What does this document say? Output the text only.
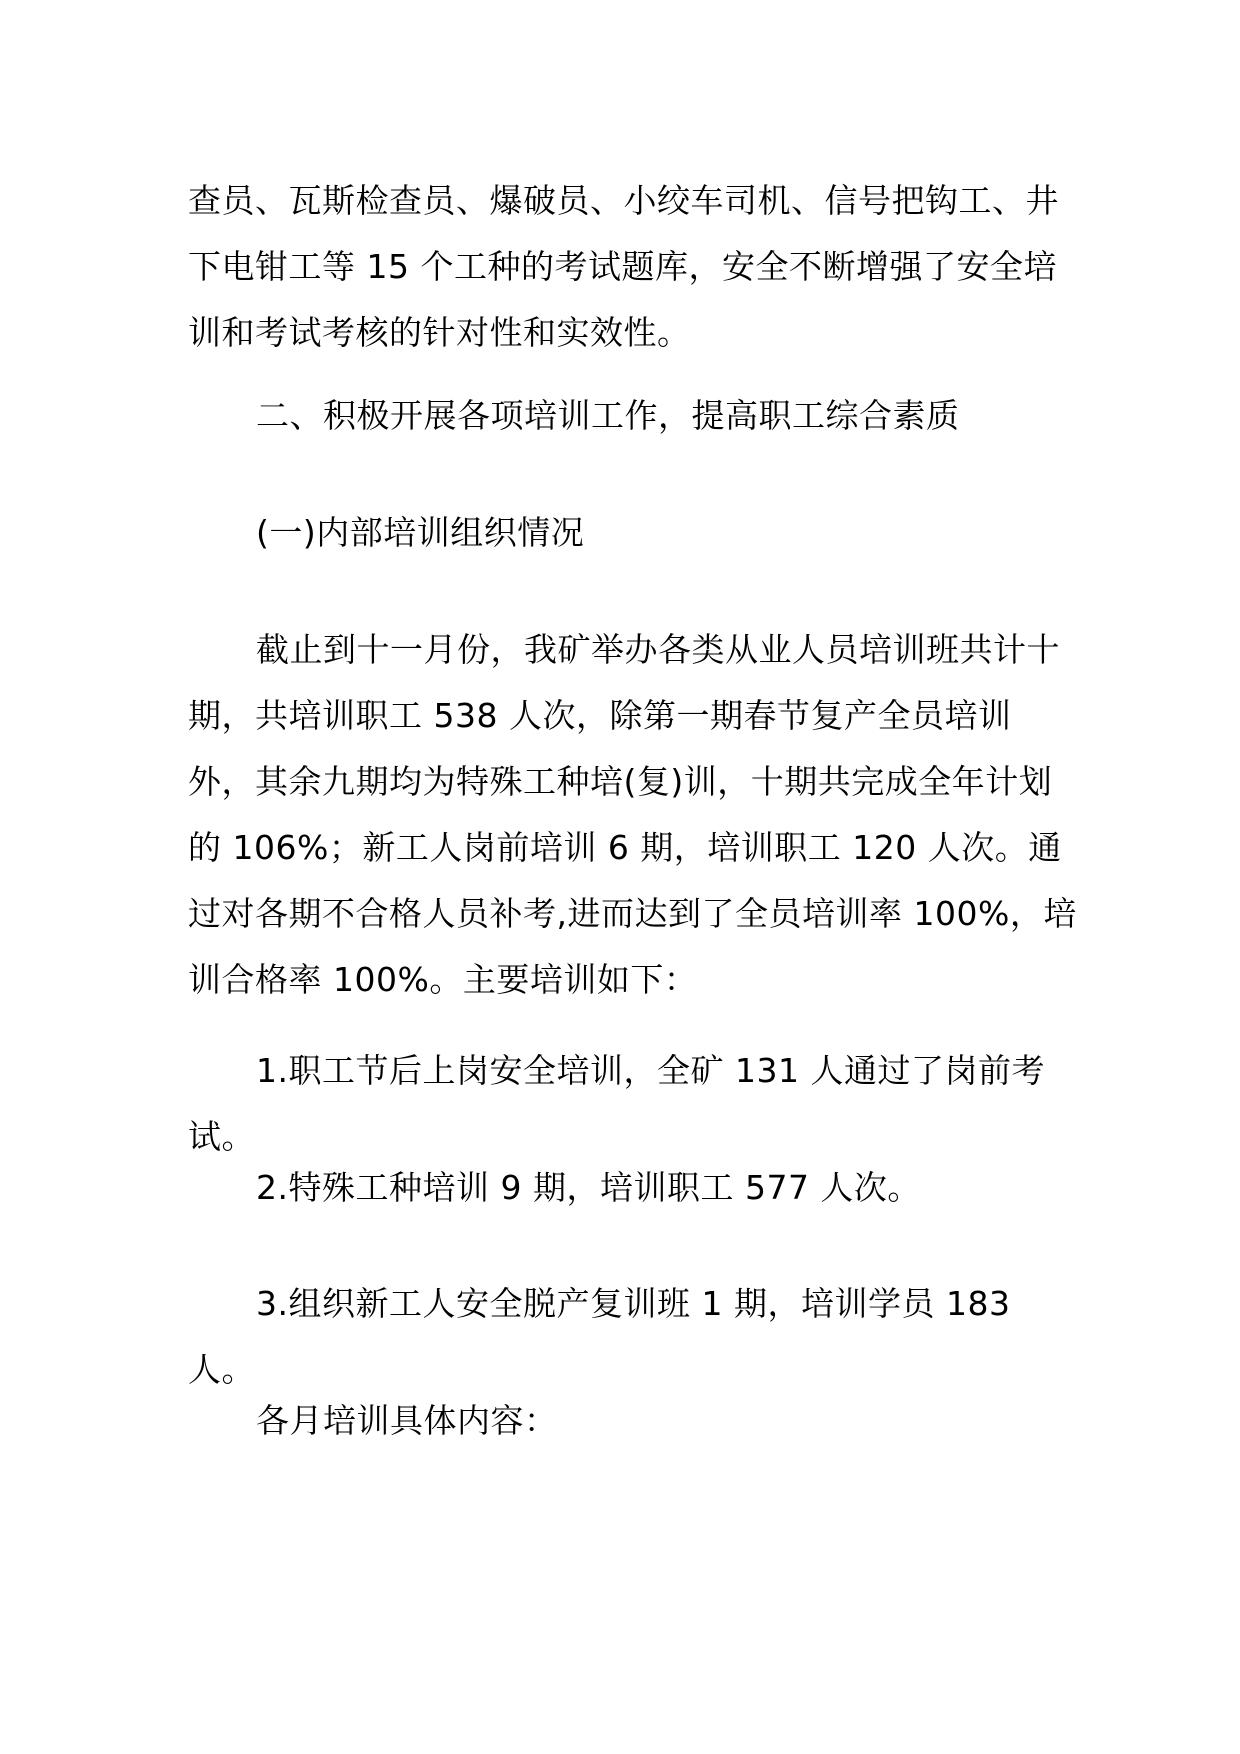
查员、瓦斯检查员、爆破员、小绞车司机、信号把钩工、井下电钳工等 15 个工种的考试题库，安全不断增强了安全培训和考试考核的针对性和实效性。

二、积极开展各项培训工作，提高职工综合素质

(一)内部培训组织情况

截止到十一月份，我矿举办各类从业人员培训班共计十期，共培训职工 538 人次，除第一期春节复产全员培训外，其余九期均为特殊工种培(复)训，十期共完成全年计划的 106%；新工人岗前培训 6 期，培训职工 120 人次。通过对各期不合格人员补考,进而达到了全员培训率 100%，培训合格率 100%。主要培训如下：

1.职工节后上岗安全培训，全矿 131 人通过了岗前考试。

2.特殊工种培训 9 期，培训职工 577 人次。

3.组织新工人安全脱产复训班 1 期，培训学员 183 人。

各月培训具体内容：
